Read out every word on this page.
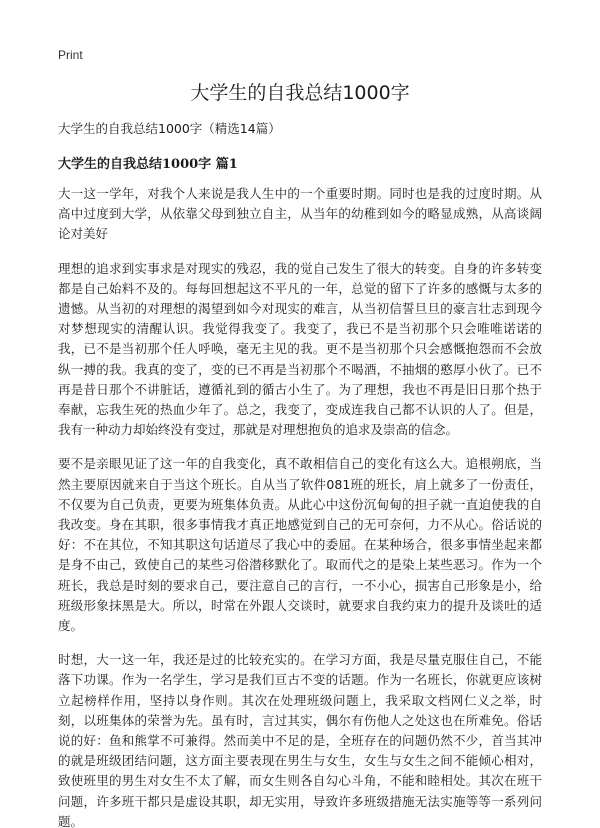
Print
大学生的自我总结1000字
大学生的自我总结1000字（精选14篇）
大学生的自我总结1000字 篇1

大一这一学年，对我个人来说是我人生中的一个重要时期。同时也是我的过度时期。从高中过度到大学，从依靠父母到独立自主，从当年的幼稚到如今的略显成熟，从高谈阔论对美好

理想的追求到实事求是对现实的残忍，我的觉自己发生了很大的转变。自身的许多转变都是自己始料不及的。每每回想起这不平凡的一年，总觉的留下了许多的感慨与太多的遗憾。从当初的对理想的渴望到如今对现实的难言，从当初信誓旦旦的豪言壮志到现今对梦想现实的清醒认识。我觉得我变了。我变了，我已不是当初那个只会唯唯诺诺的我，已不是当初那个任人呼唤，毫无主见的我。更不是当初那个只会感慨抱怨而不会放纵一搏的我。我真的变了，变的已不再是当初那个不喝酒，不抽烟的憨厚小伙了。已不再是昔日那个不讲脏话，遵循礼到的循古小生了。为了理想，我也不再是旧日那个热于奉献，忘我生死的热血少年了。总之，我变了，变成连我自己都不认识的人了。但是，我有一种动力却始终没有变过，那就是对理想抱负的追求及崇高的信念。

要不是亲眼见证了这一年的自我变化，真不敢相信自己的变化有这么大。追根朔底，当然主要原因就来自于当这个班长。自从当了软件081班的班长，肩上就多了一份责任，不仅要为自己负责，更要为班集体负责。从此心中这份沉甸甸的担子就一直迫使我的自我改变。身在其职，很多事情我才真正地感觉到自己的无可奈何，力不从心。俗话说的好：不在其位，不知其职这句话道尽了我心中的委屈。在某种场合，很多事情坐起来都是身不由己，致使自己的某些习俗潜移默化了。取而代之的是染上某些恶习。作为一个班长，我总是时刻的要求自己，要注意自己的言行，一不小心，损害自己形象是小，给班级形象抹黑是大。所以，时常在外跟人交谈时，就要求自我约束力的提升及谈吐的适度。

时想，大一这一年，我还是过的比较充实的。在学习方面，我是尽量克服住自己，不能落下功课。作为一名学生，学习是我们亘古不变的话题。作为一名班长，你就更应该树立起榜样作用，坚持以身作则。其次在处理班级问题上，我采取文档网仁义之举，时刻，以班集体的荣誉为先。虽有时，言过其实，偶尔有伤他人之处这也在所难免。俗话说的好：鱼和熊掌不可兼得。然而美中不足的是，全班存在的问题仍然不少，首当其冲的就是班级团结问题，这方面主要表现在男生与女生，女生与女生之间不能倾心相对，致使班里的男生对女生不太了解，而女生则各自勾心斗角，不能和睦相处。其次在班干问题，许多班干都只是虚设其职，却无实用，导致许多班级措施无法实施等等一系列问题。
